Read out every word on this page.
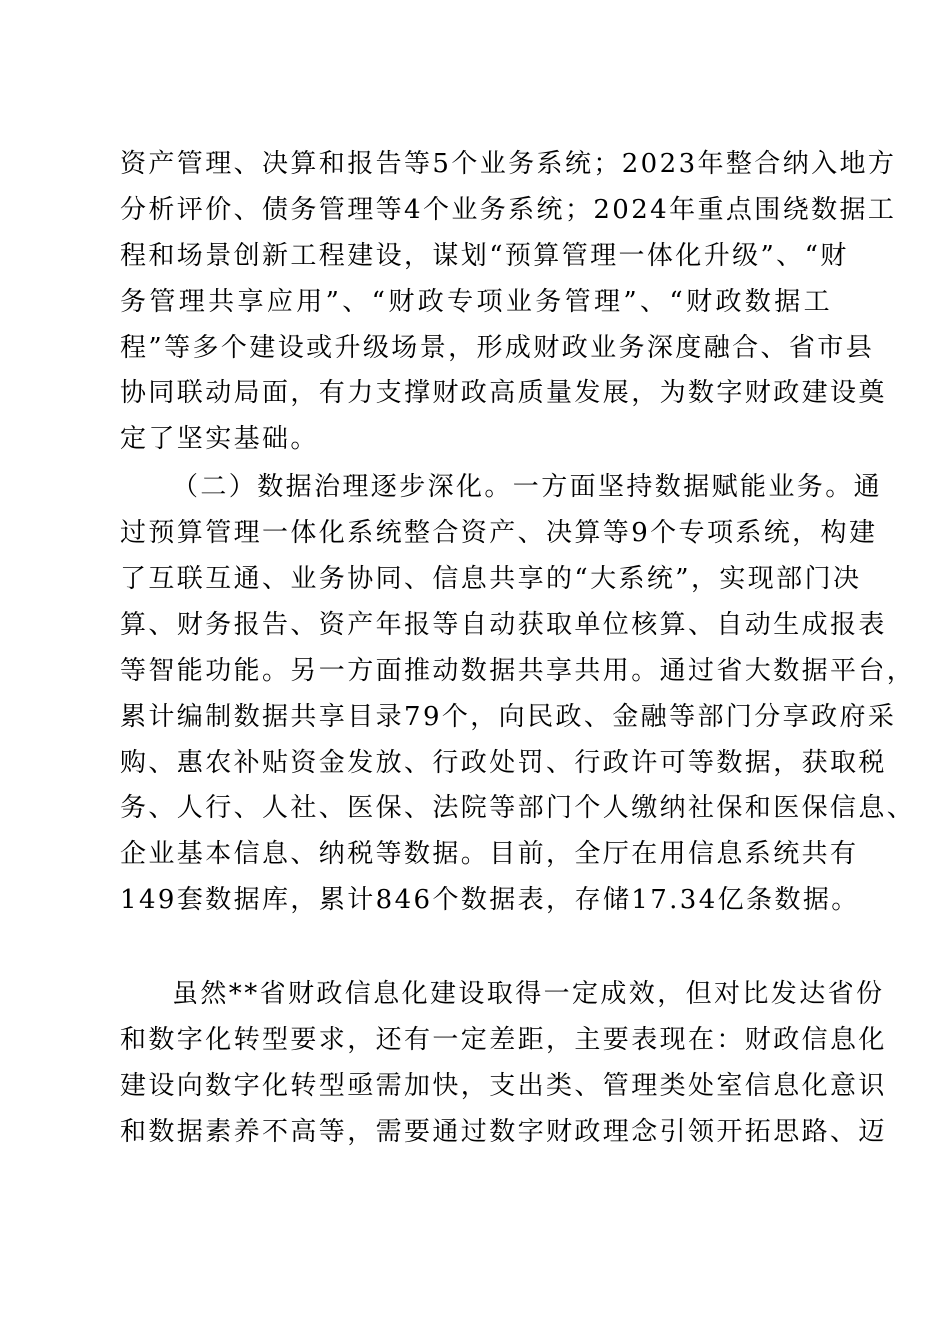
资产管理、决算和报告等5个业务系统；2023年整合纳入地方
分析评价、债务管理等4个业务系统；2024年重点围绕数据工
程和场景创新工程建设，谋划“预算管理一体化升级”、“财
务管理共享应用”、“财政专项业务管理”、“财政数据工
程”等多个建设或升级场景，形成财政业务深度融合、省市县
协同联动局面，有力支撑财政高质量发展，为数字财政建设奠
定了坚实基础。
（二）数据治理逐步深化。一方面坚持数据赋能业务。通
过预算管理一体化系统整合资产、决算等9个专项系统，构建
了互联互通、业务协同、信息共享的“大系统”，实现部门决
算、财务报告、资产年报等自动获取单位核算、自动生成报表
等智能功能。另一方面推动数据共享共用。通过省大数据平台，
累计编制数据共享目录79个，向民政、金融等部门分享政府采
购、惠农补贴资金发放、行政处罚、行政许可等数据，获取税
务、人行、人社、医保、法院等部门个人缴纳社保和医保信息、
企业基本信息、纳税等数据。目前，全厅在用信息系统共有
149套数据库，累计846个数据表，存储17.34亿条数据。
虽然**省财政信息化建设取得一定成效，但对比发达省份
和数字化转型要求，还有一定差距，主要表现在：财政信息化
建设向数字化转型亟需加快，支出类、管理类处室信息化意识
和数据素养不高等，需要通过数字财政理念引领开拓思路、迈
